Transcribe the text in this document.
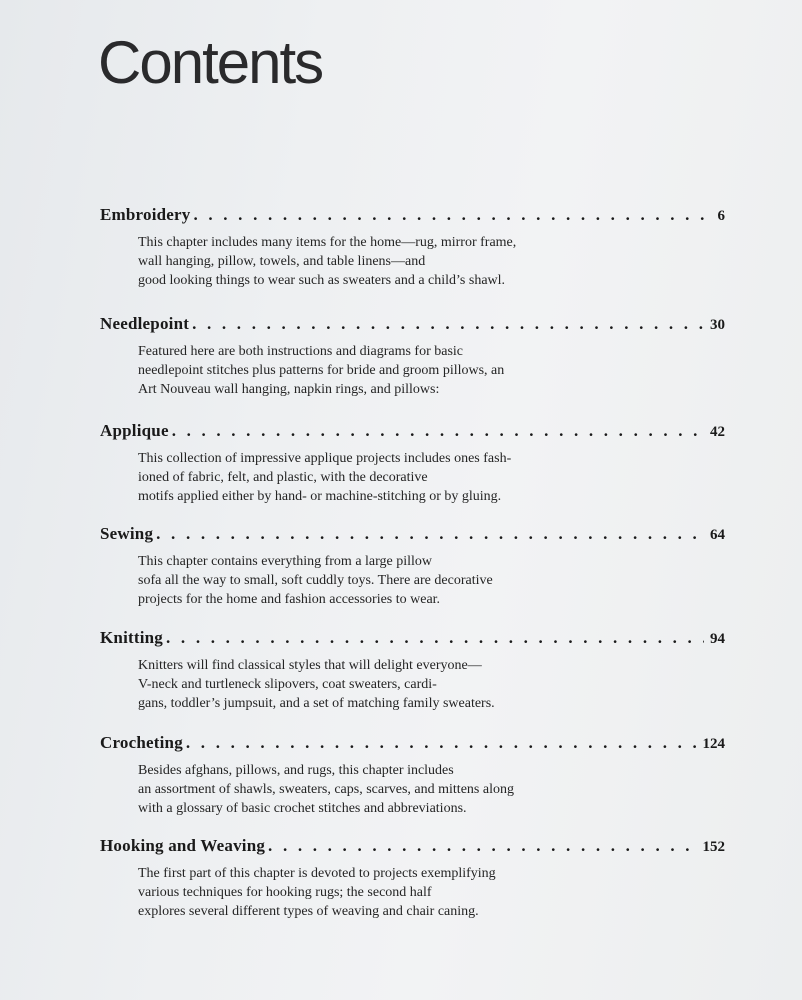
Contents
Embroidery . . .	6
This chapter includes many items for the home—rug, mirror frame,
wall hanging, pillow, towels, and table linens—and
good looking things to wear such as sweaters and a child’s shawl.
Needlepoint . . .	30
Featured here are both instructions and diagrams for basic
needlepoint stitches plus patterns for bride and groom pillows, an
Art Nouveau wall hanging, napkin rings, and pillows:
Applique . . .	42
This collection of impressive applique projects includes ones fash-
ioned of fabric, felt, and plastic, with the decorative
motifs applied either by hand- or machine-stitching or by gluing.
Sewing . . .	64
This chapter contains everything from a large pillow
sofa all the way to small, soft cuddly toys. There are decorative
projects for the home and fashion accessories to wear.
Knitting . . .	94
Knitters will find classical styles that will delight everyone—
V-neck and turtleneck slipovers, coat sweaters, cardi-
gans, toddler’s jumpsuit, and a set of matching family sweaters.
Crocheting . . .	124
Besides afghans, pillows, and rugs, this chapter includes
an assortment of shawls, sweaters, caps, scarves, and mittens along
with a glossary of basic crochet stitches and abbreviations.
Hooking and Weaving . . .	152
The first part of this chapter is devoted to projects exemplifying
various techniques for hooking rugs; the second half
explores several different types of weaving and chair caning.
